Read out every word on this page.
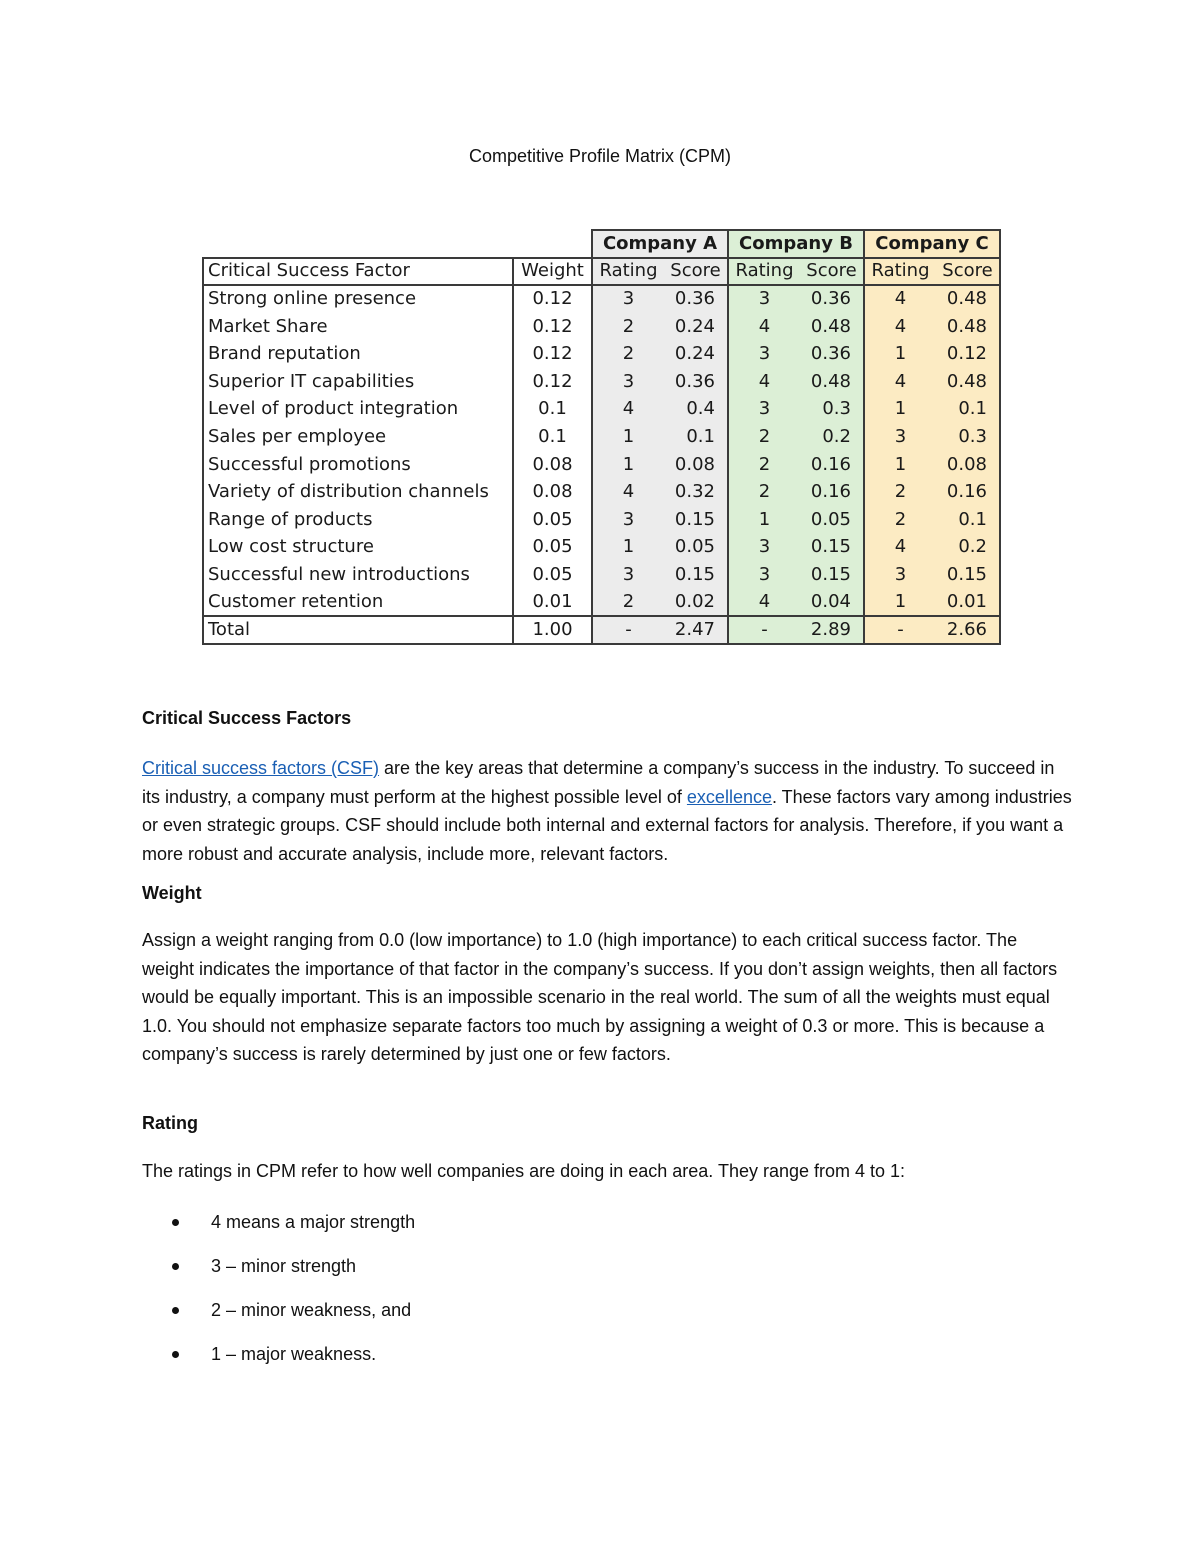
Competitive Profile Matrix (CPM)
		Company A		Company B		Company C	
Critical Success Factor	Weight	Rating	Score	Rating	Score	Rating	Score
Strong online presence	0.12	3	0.36	3	0.36	4	0.48
Market Share	0.12	2	0.24	4	0.48	4	0.48
Brand reputation	0.12	2	0.24	3	0.36	1	0.12
Superior IT capabilities	0.12	3	0.36	4	0.48	4	0.48
Level of product integration	0.1	4	0.4	3	0.3	1	0.1
Sales per employee	0.1	1	0.1	2	0.2	3	0.3
Successful promotions	0.08	1	0.08	2	0.16	1	0.08
Variety of distribution channels	0.08	4	0.32	2	0.16	2	0.16
Range of products	0.05	3	0.15	1	0.05	2	0.1
Low cost structure	0.05	1	0.05	3	0.15	4	0.2
Successful new introductions	0.05	3	0.15	3	0.15	3	0.15
Customer retention	0.01	2	0.02	4	0.04	1	0.01
Total	1.00	-	2.47	-	2.89	-	2.66
Critical Success Factors
Critical success factors (CSF) are the key areas that determine a company’s success in the industry. To succeed in its industry, a company must perform at the highest possible level of excellence. These factors vary among industries or even strategic groups. CSF should include both internal and external factors for analysis. Therefore, if you want a more robust and accurate analysis, include more, relevant factors.
Weight
Assign a weight ranging from 0.0 (low importance) to 1.0 (high importance) to each critical success factor. The weight indicates the importance of that factor in the company’s success. If you don’t assign weights, then all factors would be equally important. This is an impossible scenario in the real world. The sum of all the weights must equal 1.0. You should not emphasize separate factors too much by assigning a weight of 0.3 or more. This is because a company’s success is rarely determined by just one or few factors.
Rating
The ratings in CPM refer to how well companies are doing in each area. They range from 4 to 1:
4 means a major strength
3 – minor strength
2 – minor weakness, and
1 – major weakness.
